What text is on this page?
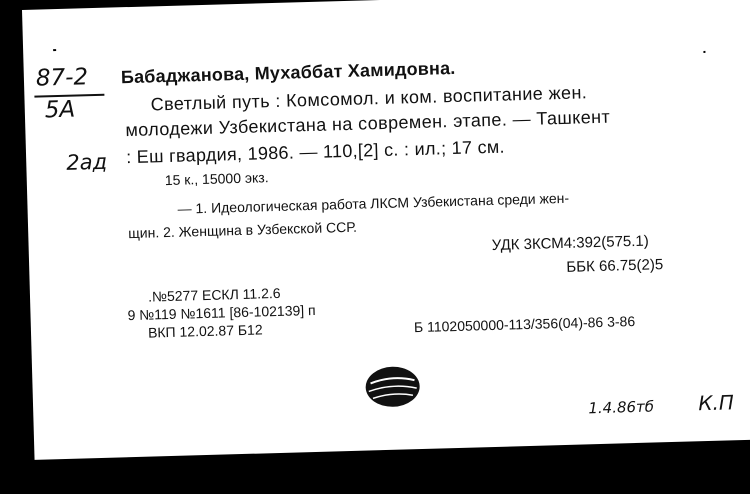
87-2
5A
2ад
Бабаджанова, Мухаббат Хамидовна.
Светлый путь : Комсомол. и ком. воспитание жен.
молодежи Узбекистана на современ. этапе. — Ташкент
: Еш гвардия, 1986. — 110,[2] с. : ил.; 17 см.
15 к., 15000 экз.
— 1. Идеологическая работа ЛКСМ Узбекистана среди жен-
щин. 2. Женщина в Узбекской ССР.
УДК 3КСМ4:392(575.1)
ББК 66.75(2)5
.№5277 ЕСКЛ 11.2.6
9 №119 №1611 [86-102139] п
ВКП 12.02.87 Б12	Б 1102050000-113/356(04)-86 3-86
1.4.86тб К.П
